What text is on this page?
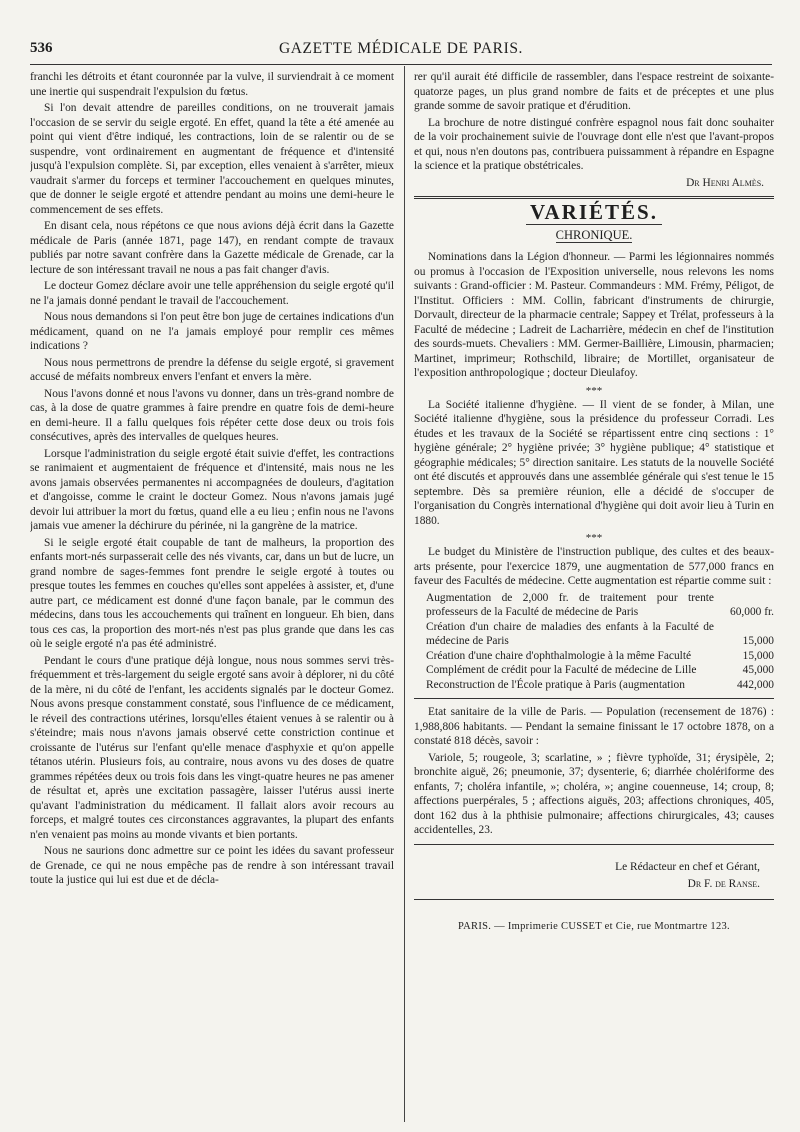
536	GAZETTE MÉDICALE DE PARIS.

franchi les détroits et étant couronnée par la vulve, il surviendrait à ce moment une inertie qui suspendrait l'expulsion du fœtus.

Si l'on devait attendre de pareilles conditions, on ne trouverait jamais l'occasion de se servir du seigle ergoté. En effet, quand la tête a été amenée au point qui vient d'être indiqué, les contractions, loin de se ralentir ou de se suspendre, vont ordinairement en augmentant de fréquence et d'intensité jusqu'à l'expulsion complète. Si, par exception, elles venaient à s'arrêter, mieux vaudrait s'armer du forceps et terminer l'accouchement en quelques minutes, que de donner le seigle ergoté et attendre pendant au moins une demi-heure le commencement de ses effets.

En disant cela, nous répétons ce que nous avions déjà écrit dans la Gazette médicale de Paris (année 1871, page 147), en rendant compte de travaux publiés par notre savant confrère dans la Gazette médicale de Grenade, car la lecture de son intéressant travail ne nous a pas fait changer d'avis.

Le docteur Gomez déclare avoir une telle appréhension du seigle ergoté qu'il ne l'a jamais donné pendant le travail de l'accouchement.

Nous nous demandons si l'on peut être bon juge de certaines indications d'un médicament, quand on ne l'a jamais employé pour remplir ces mêmes indications ?

Nous nous permettrons de prendre la défense du seigle ergoté, si gravement accusé de méfaits nombreux envers l'enfant et envers la mère.

Nous l'avons donné et nous l'avons vu donner, dans un très-grand nombre de cas, à la dose de quatre grammes à faire prendre en quatre fois de demi-heure en demi-heure. Il a fallu quelques fois répéter cette dose deux ou trois fois consécutives, après des intervalles de quelques heures.

Lorsque l'administration du seigle ergoté était suivie d'effet, les contractions se ranimaient et augmentaient de fréquence et d'intensité, mais nous ne les avons jamais observées permanentes ni accompagnées de douleurs, d'agitation et d'angoisse, comme le craint le docteur Gomez. Nous n'avons jamais jugé devoir lui attribuer la mort du fœtus, quand elle a eu lieu ; enfin nous ne l'avons jamais vue amener la déchirure du périnée, ni la gangrène de la matrice.

Si le seigle ergoté était coupable de tant de malheurs, la proportion des enfants mort-nés surpasserait celle des nés vivants, car, dans un but de lucre, un grand nombre de sages-femmes font prendre le seigle ergoté à toutes ou presque toutes les femmes en couches qu'elles sont appelées à assister, et, d'une autre part, ce médicament est donné d'une façon banale, par le commun des médecins, dans tous les accouchements qui traînent en longueur. Eh bien, dans tous ces cas, la proportion des mort-nés n'est pas plus grande que dans les cas où le seigle ergoté n'a pas été administré.

Pendant le cours d'une pratique déjà longue, nous nous sommes servi très-fréquemment et très-largement du seigle ergoté sans avoir à déplorer, ni du côté de la mère, ni du côté de l'enfant, les accidents signalés par le docteur Gomez. Nous avons presque constamment constaté, sous l'influence de ce médicament, le réveil des contractions utérines, lorsqu'elles étaient venues à se ralentir ou à s'éteindre; mais nous n'avons jamais observé cette constriction continue et croissante de l'utérus sur l'enfant qu'elle menace d'asphyxie et qu'on appelle tétanos utérin. Plusieurs fois, au contraire, nous avons vu des doses de quatre grammes répétées deux ou trois fois dans les vingt-quatre heures ne pas amener de résultat et, après une excitation passagère, laisser l'utérus aussi inerte qu'avant l'administration du médicament. Il fallait alors avoir recours au forceps, et malgré toutes ces circonstances aggravantes, la plupart des enfants n'en venaient pas moins au monde vivants et bien portants.

Nous ne saurions donc admettre sur ce point les idées du savant professeur de Grenade, ce qui ne nous empêche pas de rendre à son intéressant travail toute la justice qui lui est due et de décla-

rer qu'il aurait été difficile de rassembler, dans l'espace restreint de soixante-quatorze pages, un plus grand nombre de faits et de préceptes et une plus grande somme de savoir pratique et d'érudition.

La brochure de notre distingué confrère espagnol nous fait donc souhaiter de la voir prochainement suivie de l'ouvrage dont elle n'est que l'avant-propos et qui, nous n'en doutons pas, contribuera puissamment à répandre en Espagne la science et la pratique obstétricales.

Dr Henri Almès.
VARIÉTÉS.
CHRONIQUE.

Nominations dans la Légion d'honneur. — Parmi les légionnaires nommés ou promus à l'occasion de l'Exposition universelle, nous relevons les noms suivants : Grand-officier : M. Pasteur. Commandeurs : MM. Frémy, Péligot, de l'Institut. Officiers : MM. Collin, fabricant d'instruments de chirurgie, Dorvault, directeur de la pharmacie centrale; Sappey et Trélat, professeurs à la Faculté de médecine ; Ladreit de Lacharrière, médecin en chef de l'institution des sourds-muets. Chevaliers : MM. Germer-Baillière, Limousin, pharmacien; Martinet, imprimeur; Rothschild, libraire; de Mortillet, organisateur de l'exposition anthropologique ; docteur Dieulafoy.

***

La Société italienne d'hygiène. — Il vient de se fonder, à Milan, une Société italienne d'hygiène, sous la présidence du professeur Corradi. Les études et les travaux de la Société se répartissent entre cinq sections : 1° hygiène générale; 2° hygiène privée; 3° hygiène publique; 4° statistique et géographie médicales; 5° direction sanitaire. Les statuts de la nouvelle Société ont été discutés et approuvés dans une assemblée générale qui s'est tenue le 15 septembre. Dès sa première réunion, elle a décidé de s'occuper de l'organisation du Congrès international d'hygiène qui doit avoir lieu à Turin en 1880.

***

Le budget du Ministère de l'instruction publique, des cultes et des beaux-arts présente, pour l'exercice 1879, une augmentation de 577,000 francs en faveur des Facultés de médecine. Cette augmentation est répartie comme suit :

Augmentation de 2,000 fr. de traitement pour trente professeurs de la Faculté de médecine de Paris	60,000 fr.
Création d'un chaire de maladies des enfants à la Faculté de médecine de Paris	15,000
Création d'une chaire d'ophthalmologie à la même Faculté	15,000
Complément de crédit pour la Faculté de médecine de Lille	45,000
Reconstruction de l'École pratique à Paris (augmentation	442,000

Etat sanitaire de la ville de Paris. — Population (recensement de 1876) : 1,988,806 habitants. — Pendant la semaine finissant le 17 octobre 1878, on a constaté 818 décès, savoir :

Variole, 5; rougeole, 3; scarlatine, » ; fièvre typhoïde, 31; érysipèle, 2; bronchite aiguë, 26; pneumonie, 37; dysenterie, 6; diarrhée cholériforme des enfants, 7; choléra infantile, »; choléra, »; angine couenneuse, 14; croup, 8; affections puerpérales, 5 ; affections aiguës, 203; affections chroniques, 405, dont 162 dus à la phthisie pulmonaire; affections chirurgicales, 43; causes accidentelles, 23.

Le Rédacteur en chef et Gérant,
Dr F. de Ranse.
PARIS. — Imprimerie CUSSET et Cie, rue Montmartre 123.
